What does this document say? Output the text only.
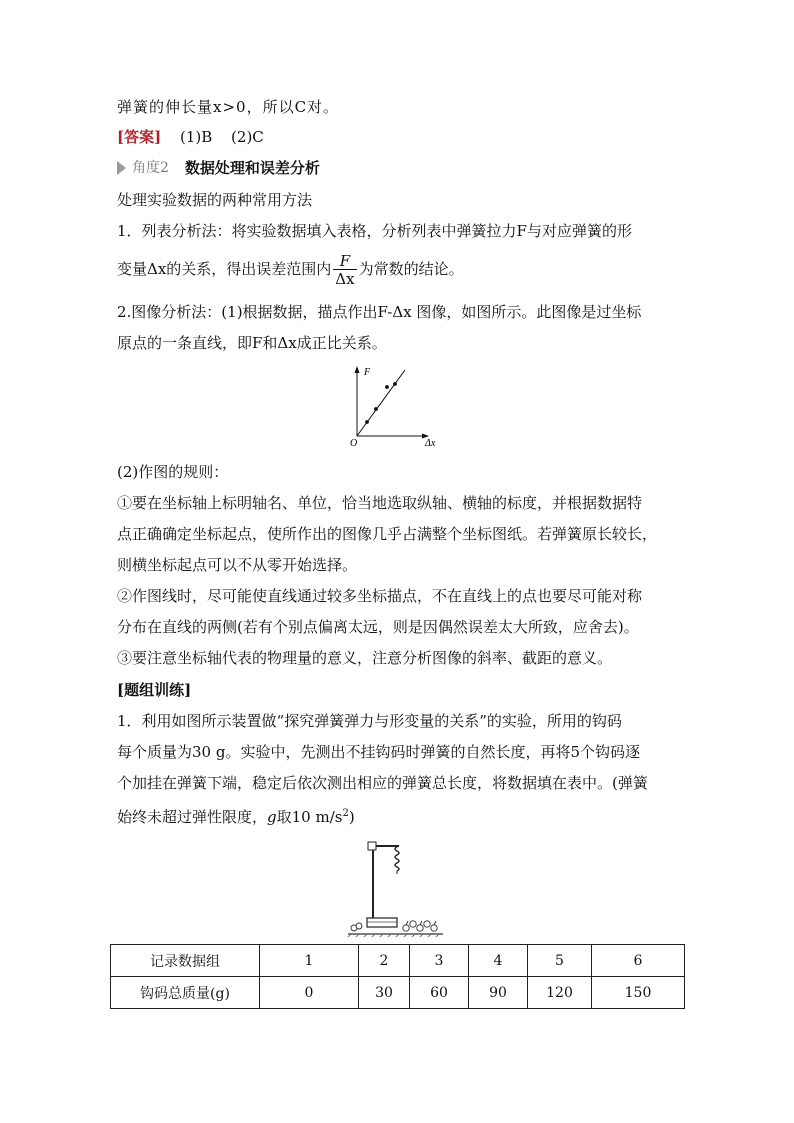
弹簧的伸长量x>0，所以C对。
[答案] (1)B (2)C
角度2 数据处理和误差分析
处理实验数据的两种常用方法
1．列表分析法：将实验数据填入表格，分析列表中弹簧拉力F与对应弹簧的形
变量Δx的关系，得出误差范围内 $\frac{F}{\Delta x}$ 为常数的结论。
2.图像分析法：(1)根据数据，描点作出F-Δx 图像，如图所示。此图像是过坐标
原点的一条直线，即F和Δx成正比关系。
F
Δx
O
(2)作图的规则：
①要在坐标轴上标明轴名、单位，恰当地选取纵轴、横轴的标度，并根据数据特
点正确确定坐标起点，使所作出的图像几乎占满整个坐标图纸。若弹簧原长较长，
则横坐标起点可以不从零开始选择。
②作图线时，尽可能使直线通过较多坐标描点，不在直线上的点也要尽可能对称
分布在直线的两侧(若有个别点偏离太远，则是因偶然误差太大所致，应舍去)。
③要注意坐标轴代表的物理量的意义，注意分析图像的斜率、截距的意义。
[题组训练]
1．利用如图所示装置做“探究弹簧弹力与形变量的关系”的实验，所用的钩码
每个质量为30 g。实验中，先测出不挂钩码时弹簧的自然长度，再将5个钩码逐
个加挂在弹簧下端，稳定后依次测出相应的弹簧总长度，将数据填在表中。(弹簧
始终未超过弹性限度，g取10 $m/s^2$)
记录数据组	1	2	3	4	5	6
钩码总质量(g)	0	30	60	90	120	150
